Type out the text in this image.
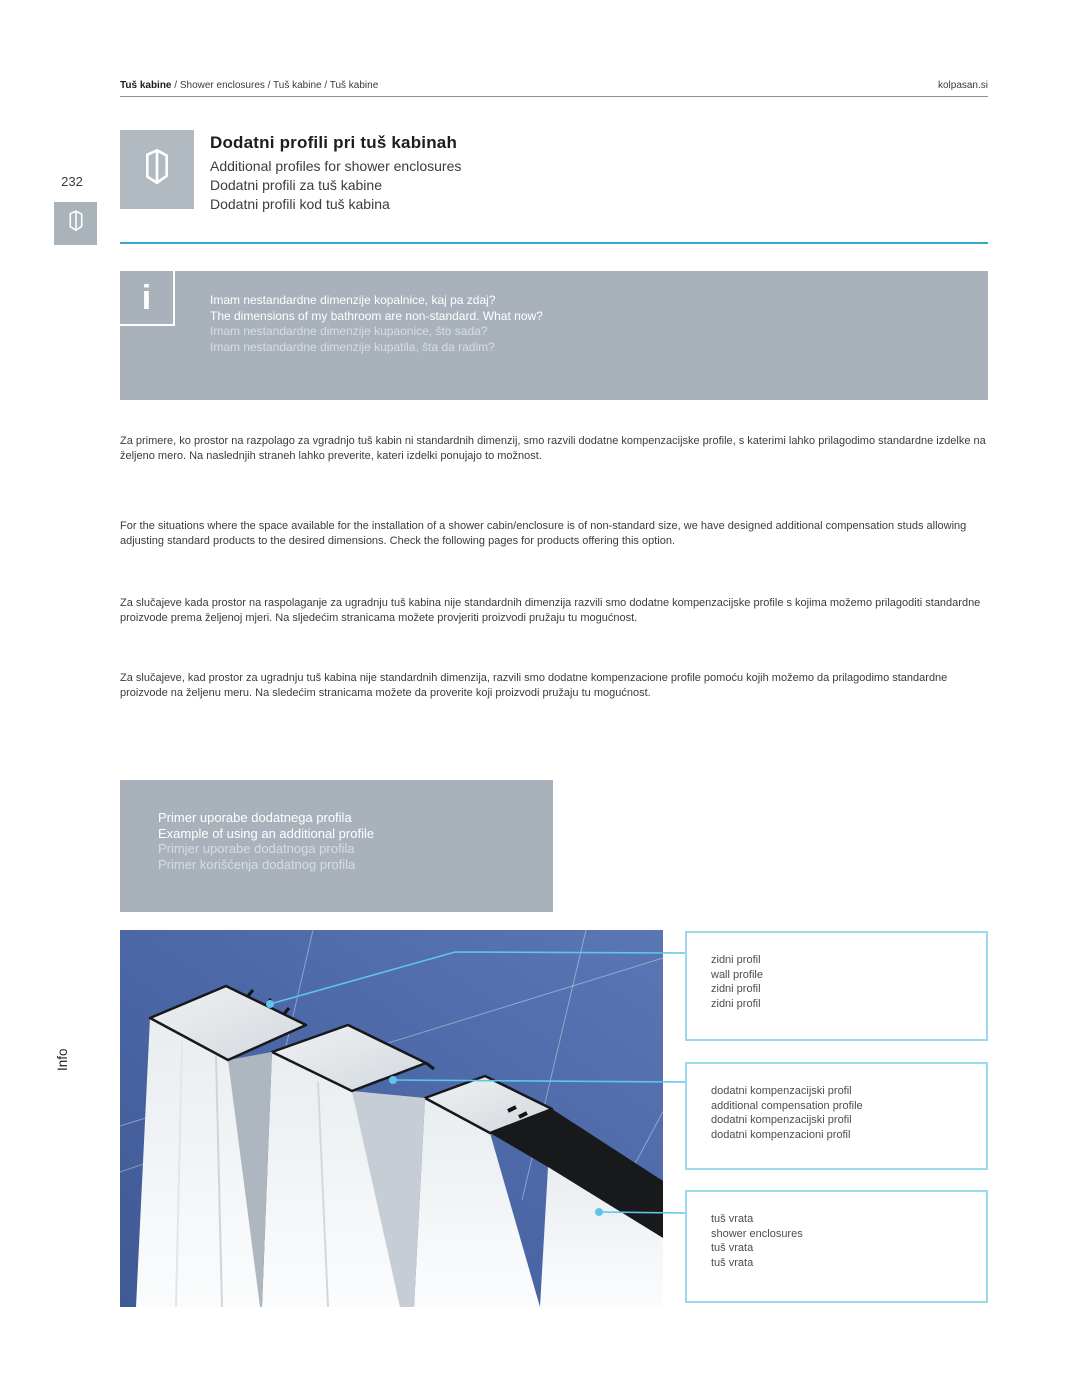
Tuš kabine / Shower enclosures / Tuš kabine / Tuš kabine	kolpasan.si
232
Info
Dodatni profili pri tuš kabinah
Additional profiles for shower enclosures
Dodatni profili za tuš kabine
Dodatni profili kod tuš kabina
i	Imam nestandardne dimenzije kopalnice, kaj pa zdaj?
The dimensions of my bathroom are non-standard. What now?
Imam nestandardne dimenzije kupaonice, što sada?
Imam nestandardne dimenzije kupatila, šta da radim?
Za primere, ko prostor na razpolago za vgradnjo tuš kabin ni standardnih dimenzij, smo razvili dodatne kompenzacijske profile, s katerimi lahko prilagodimo standardne izdelke na željeno mero. Na naslednjih straneh lahko preverite, kateri izdelki ponujajo to možnost.
For the situations where the space available for the installation of a shower cabin/enclosure is of non-standard size, we have designed additional compensation studs allowing adjusting standard products to the desired dimensions. Check the following pages for products offering this option.
Za slučajeve kada prostor na raspolaganje za ugradnju tuš kabina nije standardnih dimenzija razvili smo dodatne kompenzacijske profile s kojima možemo prilagoditi standardne proizvode prema željenoj mjeri. Na sljedećim stranicama možete provjeriti proizvodi pružaju tu mogućnost.
Za slučajeve, kad prostor za ugradnju tuš kabina nije standardnih dimenzija, razvili smo dodatne kompenzacione profile pomoću kojih možemo da prilagodimo standardne proizvode na željenu meru. Na sledećim stranicama možete da proverite koji proizvodi pružaju tu mogućnost.
Primer uporabe dodatnega profila
Example of using an additional profile
Primjer uporabe dodatnoga profila
Primer korišćenja dodatnog profila
zidni profil
wall profile
zidni profil
zidni profil
dodatni kompenzacijski profil
additional compensation profile
dodatni kompenzacijski profil
dodatni kompenzacioni profil
tuš vrata
shower enclosures
tuš vrata
tuš vrata
